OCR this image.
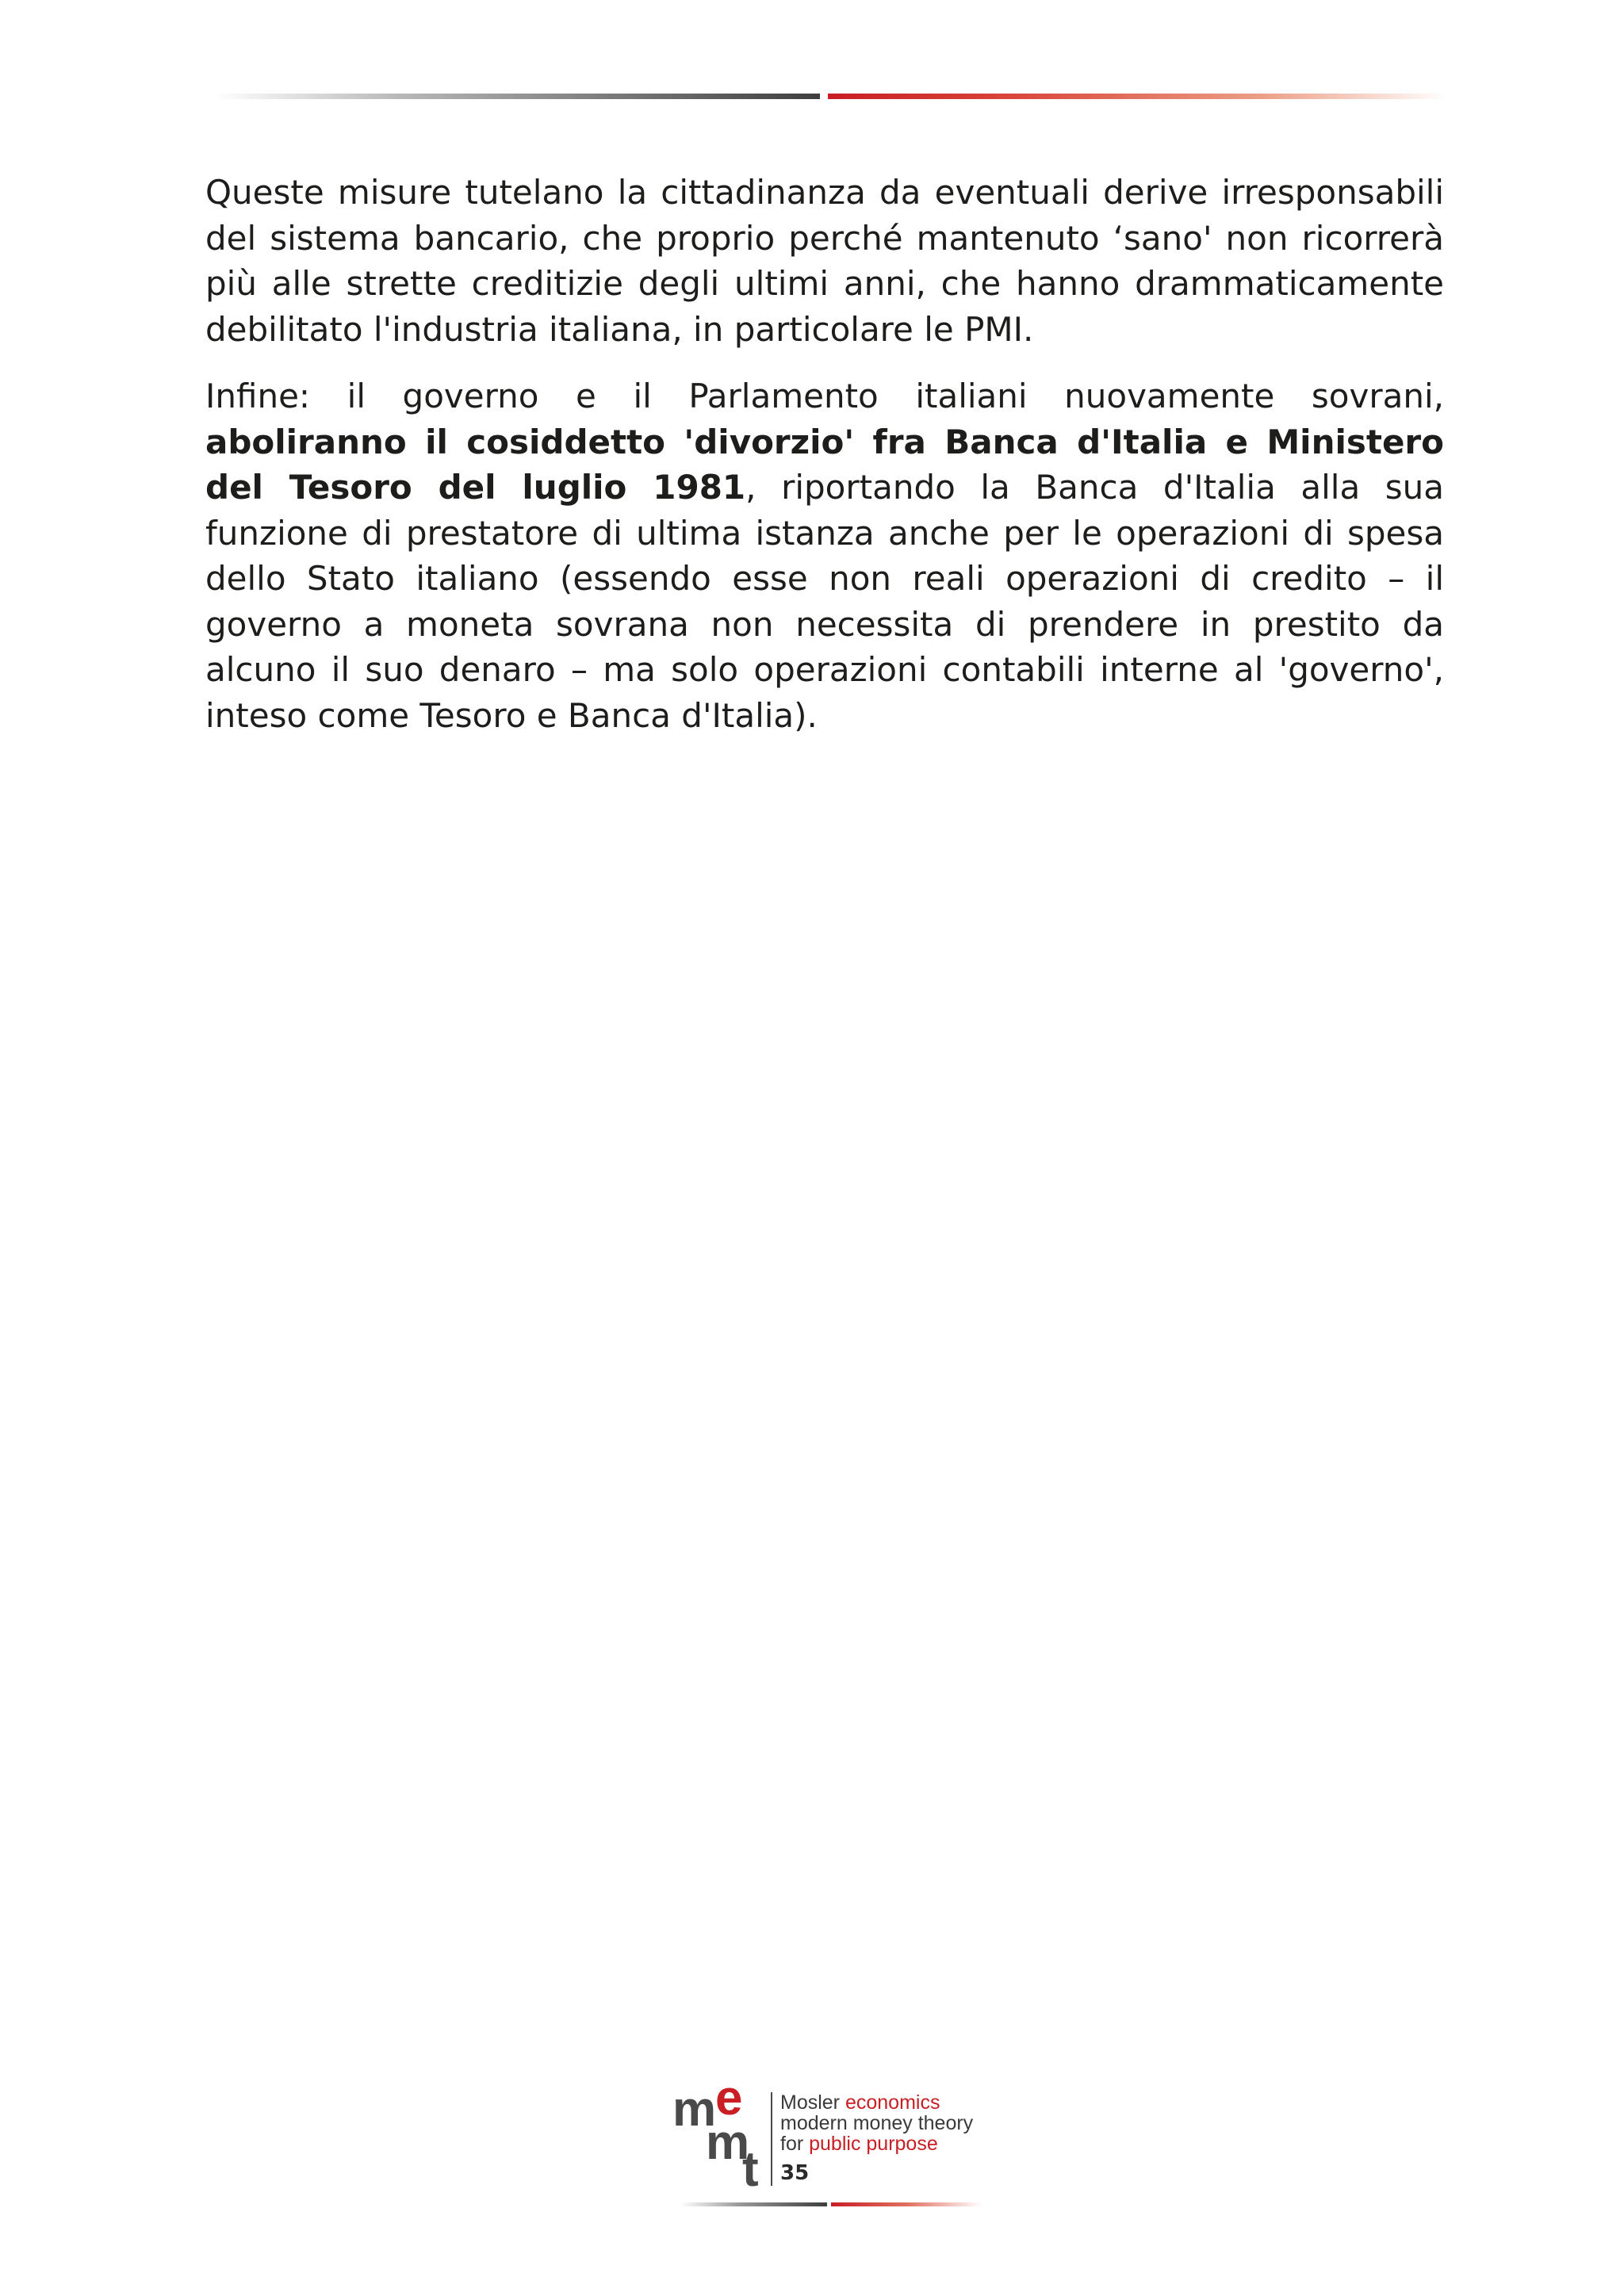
Queste misure tutelano la cittadinanza da eventuali derive irresponsabili del sistema bancario, che proprio perché mantenuto ‘sano' non ricorrerà più alle strette creditizie degli ultimi anni, che hanno drammaticamente debilitato l'industria italiana, in particolare le PMI.

Infine: il governo e il Parlamento italiani nuovamente sovrani, aboliranno il cosiddetto 'divorzio' fra Banca d'Italia e Ministero del Tesoro del luglio 1981, riportando la Banca d'Italia alla sua funzione di prestatore di ultima istanza anche per le operazioni di spesa dello Stato italiano (essendo esse non reali operazioni di credito – il governo a moneta sovrana non necessita di prendere in prestito da alcuno il suo denaro – ma solo operazioni contabili interne al 'governo', inteso come Tesoro e Banca d'Italia).

m
e
m
t
Mosler economics
modern money theory
for public purpose
35
